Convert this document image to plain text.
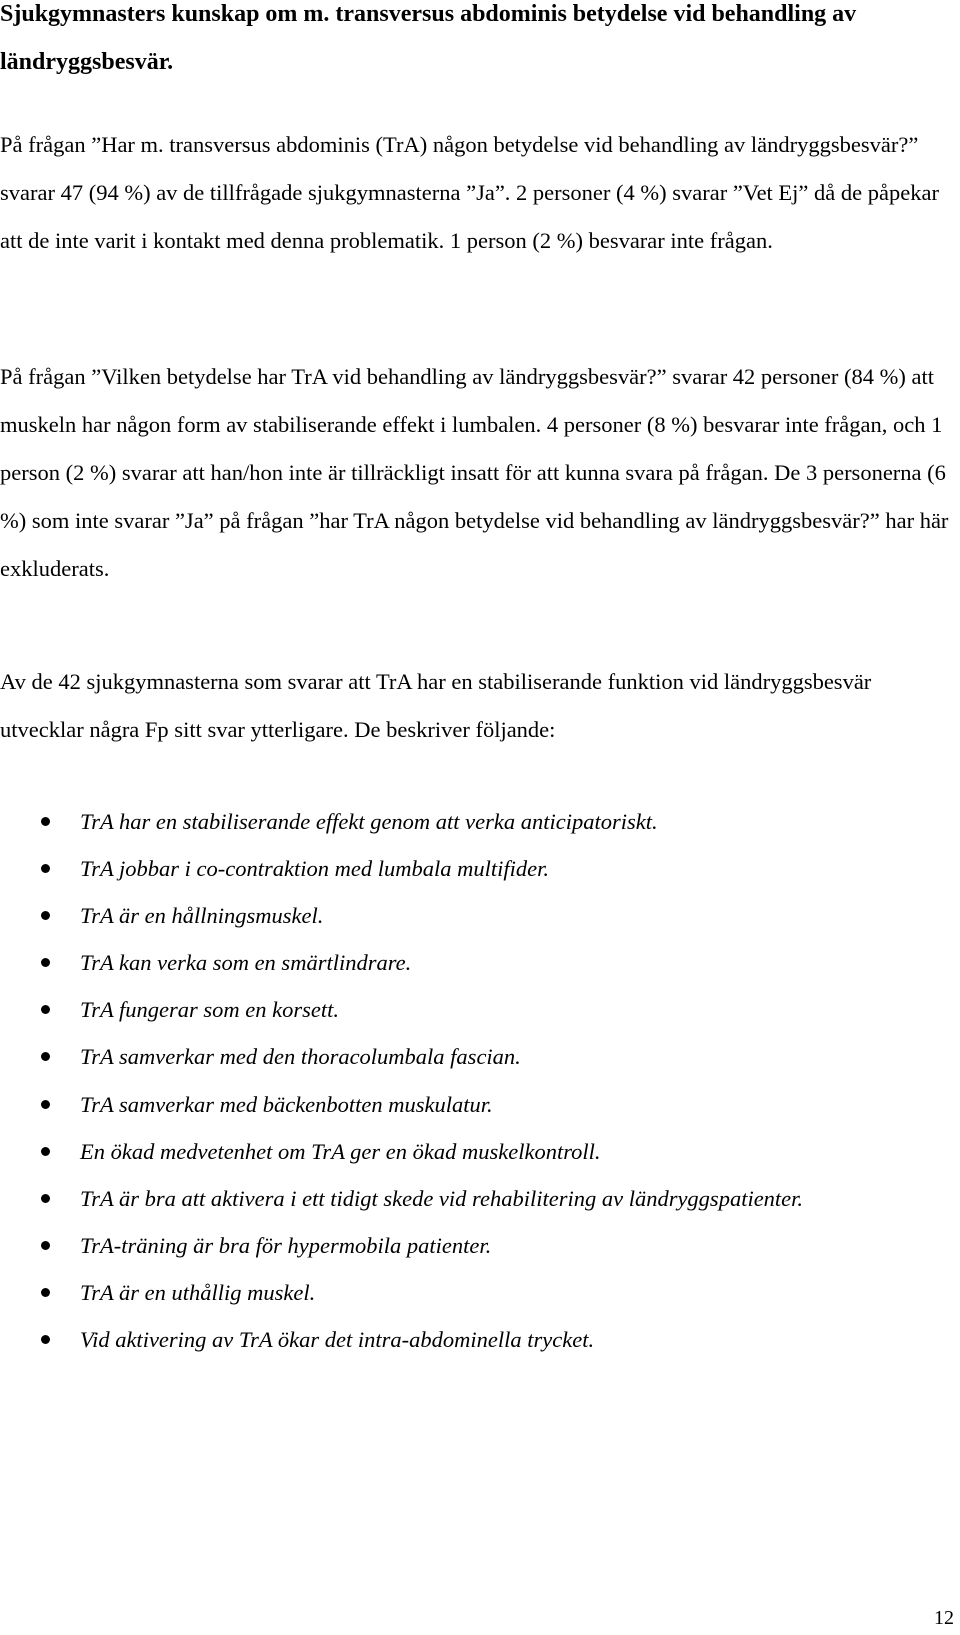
Sjukgymnasters kunskap om m. transversus abdominis betydelse vid behandling av ländryggsbesvär.

På frågan ”Har m. transversus abdominis (TrA) någon betydelse vid behandling av ländryggsbesvär?” svarar 47 (94 %) av de tillfrågade sjukgymnasterna ”Ja”. 2 personer (4 %) svarar ”Vet Ej” då de påpekar att de inte varit i kontakt med denna problematik. 1 person (2 %) besvarar inte frågan.

På frågan ”Vilken betydelse har TrA vid behandling av ländryggsbesvär?” svarar 42 personer (84 %) att muskeln har någon form av stabiliserande effekt i lumbalen. 4 personer (8 %) besvarar inte frågan, och 1 person (2 %) svarar att han/hon inte är tillräckligt insatt för att kunna svara på frågan. De 3 personerna (6 %) som inte svarar ”Ja” på frågan ”har TrA någon betydelse vid behandling av ländryggsbesvär?” har här exkluderats.

Av de 42 sjukgymnasterna som svarar att TrA har en stabiliserande funktion vid ländryggsbesvär utvecklar några Fp sitt svar ytterligare. De beskriver följande:

TrA har en stabiliserande effekt genom att verka anticipatoriskt.
TrA jobbar i co-contraktion med lumbala multifider.
TrA är en hållningsmuskel.
TrA kan verka som en smärtlindrare.
TrA fungerar som en korsett.
TrA samverkar med den thoracolumbala fascian.
TrA samverkar med bäckenbotten muskulatur.
En ökad medvetenhet om TrA ger en ökad muskelkontroll.
TrA är bra att aktivera i ett tidigt skede vid rehabilitering av ländryggspatienter.
TrA-träning är bra för hypermobila patienter.
TrA är en uthållig muskel.
Vid aktivering av TrA ökar det intra-abdominella trycket.
12
